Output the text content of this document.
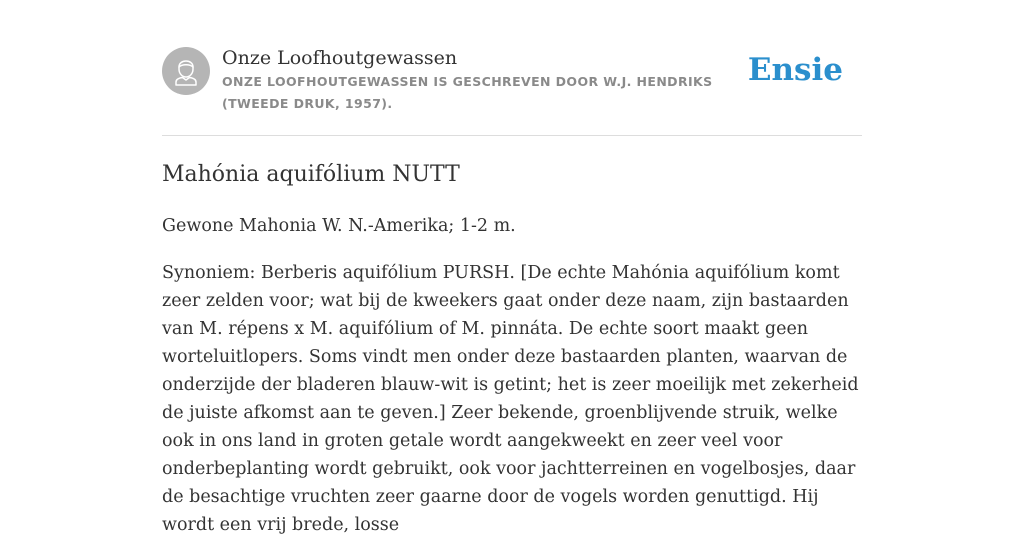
Onze Loofhoutgewassen

ONZE LOOFHOUTGEWASSEN IS GESCHREVEN DOOR W.J. HENDRIKS (TWEEDE DRUK, 1957).

Ensie
Mahónia aquifólium NUTT

Gewone Mahonia W. N.-Amerika; 1-2 m.

Synoniem: Berberis aquifólium PURSH. [De echte Mahónia aquifólium komt zeer zelden voor; wat bij de kweekers gaat onder deze naam, zijn bastaarden van M. répens x M. aquifólium of M. pinnáta. De echte soort maakt geen worteluitlopers. Soms vindt men onder deze bastaarden planten, waarvan de onderzijde der bladeren blauw-wit is getint; het is zeer moeilijk met zekerheid de juiste afkomst aan te geven.] Zeer bekende, groenblijvende struik, welke ook in ons land in groten getale wordt aangekweekt en zeer veel voor onderbeplanting wordt gebruikt, ook voor jachtterreinen en vogelbosjes, daar de besachtige vruchten zeer gaarne door de vogels worden genuttigd. Hij wordt een vrij brede, losse
